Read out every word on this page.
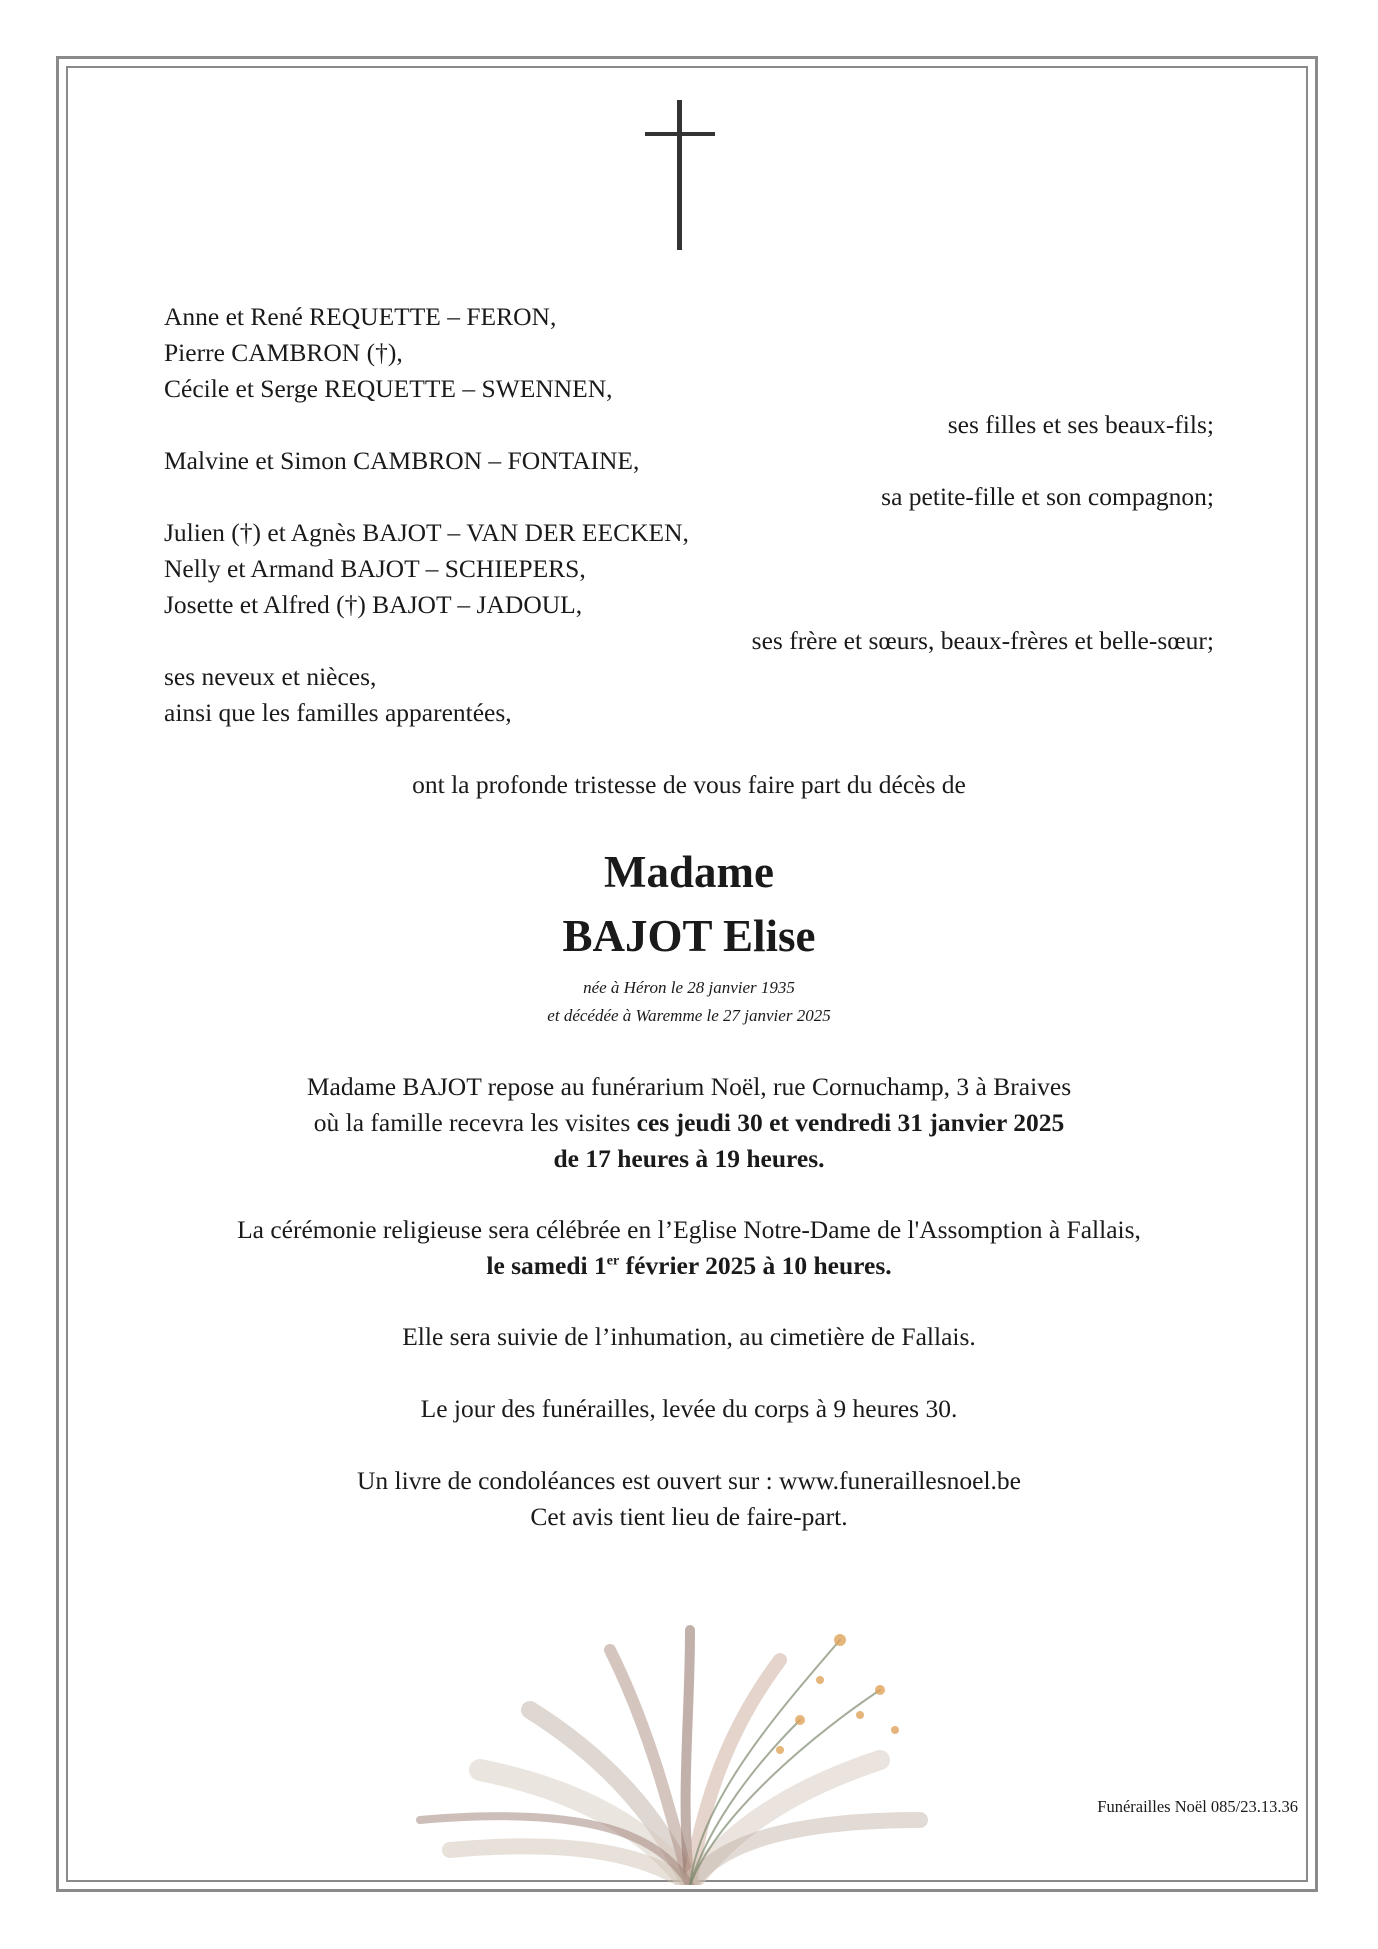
Anne et René REQUETTE – FERON,
Pierre CAMBRON (†),
Cécile et Serge REQUETTE – SWENNEN,
ses filles et ses beaux-fils;
Malvine et Simon CAMBRON – FONTAINE,
sa petite-fille et son compagnon;
Julien (†) et Agnès BAJOT – VAN DER EECKEN,
Nelly et Armand BAJOT – SCHIEPERS,
Josette et Alfred (†) BAJOT – JADOUL,
ses frère et sœurs, beaux-frères et belle-sœur;
ses neveux et nièces,
ainsi que les familles apparentées,
ont la profonde tristesse de vous faire part du décès de
Madame
BAJOT Elise
née à Héron le 28 janvier 1935
et décédée à Waremme le 27 janvier 2025
Madame BAJOT repose au funérarium Noël, rue Cornuchamp, 3 à Braives
où la famille recevra les visites ces jeudi 30 et vendredi 31 janvier 2025
de 17 heures à 19 heures.
La cérémonie religieuse sera célébrée en l’Eglise Notre-Dame de l'Assomption à Fallais,
le samedi 1er février 2025 à 10 heures.
Elle sera suivie de l’inhumation, au cimetière de Fallais.
Le jour des funérailles, levée du corps à 9 heures 30.
Un livre de condoléances est ouvert sur : www.funeraillesnoel.be
Cet avis tient lieu de faire-part.
Funérailles Noël 085/23.13.36
